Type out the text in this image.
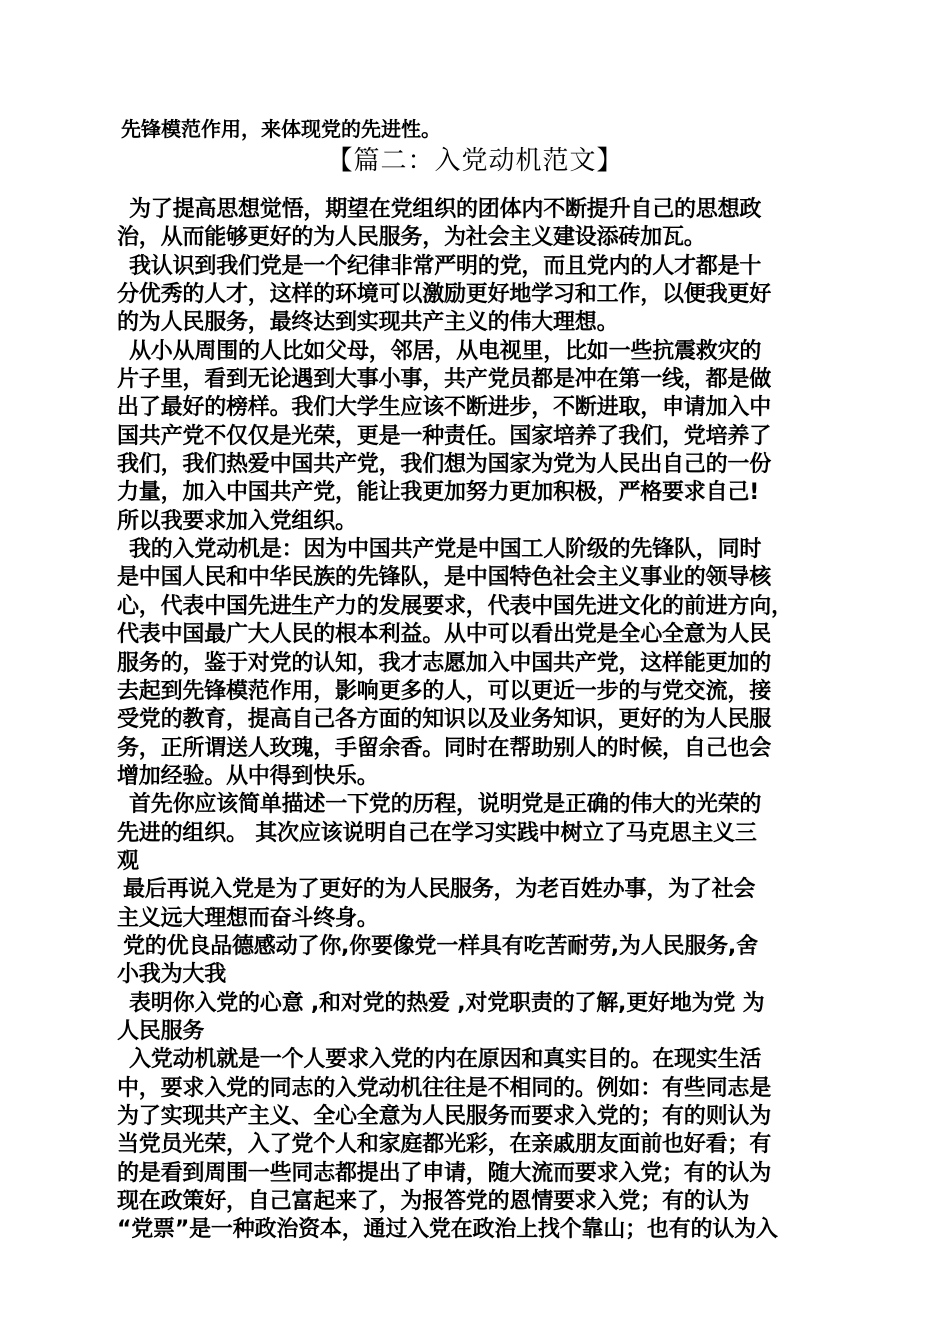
先锋模范作用，来体现党的先进性。
【篇二：入党动机范文】
为了提高思想觉悟，期望在党组织的团体内不断提升自己的思想政
治，从而能够更好的为人民服务，为社会主义建设添砖加瓦。
我认识到我们党是一个纪律非常严明的党，而且党内的人才都是十
分优秀的人才，这样的环境可以激励更好地学习和工作，以便我更好
的为人民服务，最终达到实现共产主义的伟大理想。
从小从周围的人比如父母，邻居，从电视里，比如一些抗震救灾的
片子里，看到无论遇到大事小事，共产党员都是冲在第一线，都是做
出了最好的榜样。我们大学生应该不断进步，不断进取，申请加入中
国共产党不仅仅是光荣，更是一种责任。国家培养了我们，党培养了
我们，我们热爱中国共产党，我们想为国家为党为人民出自己的一份
力量，加入中国共产党，能让我更加努力更加积极，严格要求自己!
所以我要求加入党组织。
我的入党动机是：因为中国共产党是中国工人阶级的先锋队，同时
是中国人民和中华民族的先锋队，是中国特色社会主义事业的领导核
心，代表中国先进生产力的发展要求，代表中国先进文化的前进方向，
代表中国最广大人民的根本利益。从中可以看出党是全心全意为人民
服务的，鉴于对党的认知，我才志愿加入中国共产党，这样能更加的
去起到先锋模范作用，影响更多的人，可以更近一步的与党交流，接
受党的教育，提高自己各方面的知识以及业务知识，更好的为人民服
务，正所谓送人玫瑰，手留余香。同时在帮助别人的时候，自己也会
增加经验。从中得到快乐。
首先你应该简单描述一下党的历程，说明党是正确的伟大的光荣的
先进的组织。 其次应该说明自己在学习实践中树立了马克思主义三
观
最后再说入党是为了更好的为人民服务，为老百姓办事，为了社会
主义远大理想而奋斗终身。
党的优良品德感动了你,你要像党一样具有吃苦耐劳,为人民服务,舍
小我为大我
表明你入党的心意 ,和对党的热爱 ,对党职责的了解,更好地为党 为
人民服务
入党动机就是一个人要求入党的内在原因和真实目的。在现实生活
中，要求入党的同志的入党动机往往是不相同的。例如：有些同志是
为了实现共产主义、全心全意为人民服务而要求入党的；有的则认为
当党员光荣，入了党个人和家庭都光彩，在亲戚朋友面前也好看；有
的是看到周围一些同志都提出了申请，随大流而要求入党；有的认为
现在政策好，自己富起来了，为报答党的恩情要求入党；有的认为
“党票”是一种政治资本，通过入党在政治上找个靠山；也有的认为入
